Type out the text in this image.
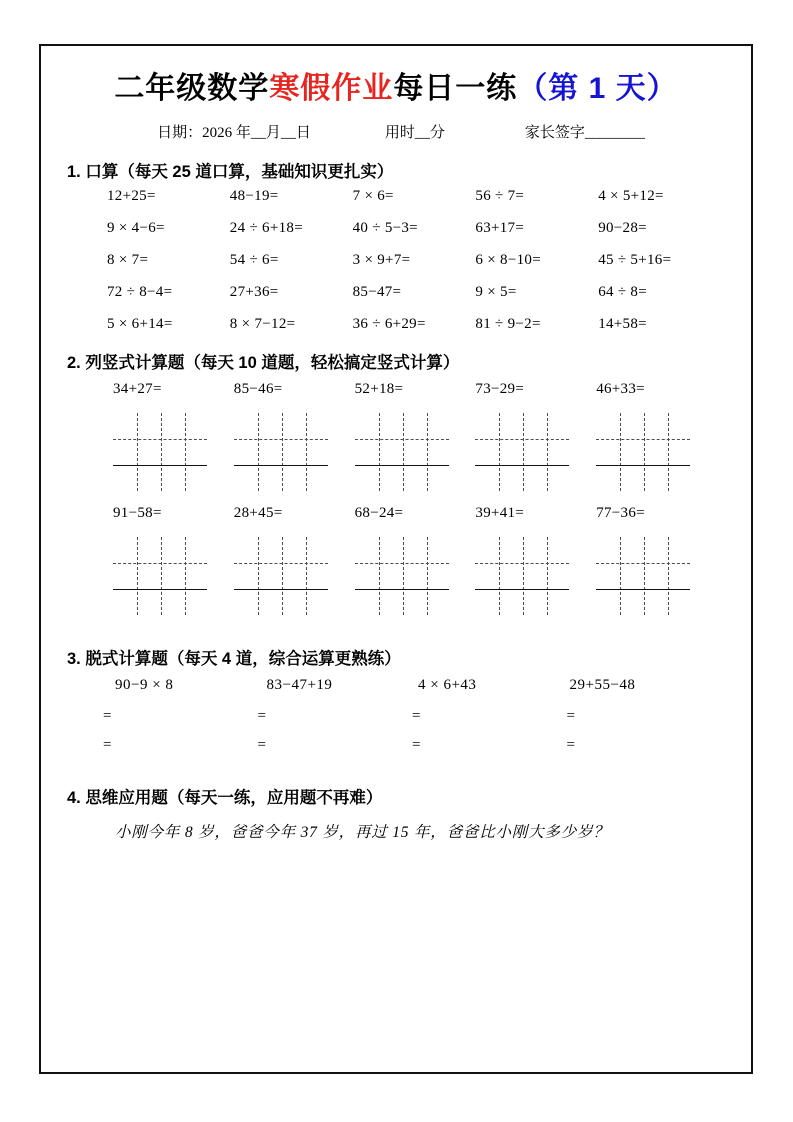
二年级数学寒假作业每日一练（第 1 天）
日期：2026 年__月__日	用时__分	家长签字________
1. 口算（每天 25 道口算，基础知识更扎实）
12+25=	48−19=	7 × 6=	56 ÷ 7=	4 × 5+12=
9 × 4−6=	24 ÷ 6+18=	40 ÷ 5−3=	63+17=	90−28=
8 × 7=	54 ÷ 6=	3 × 9+7=	6 × 8−10=	45 ÷ 5+16=
72 ÷ 8−4=	27+36=	85−47=	9 × 5=	64 ÷ 8=
5 × 6+14=	8 × 7−12=	36 ÷ 6+29=	81 ÷ 9−2=	14+58=
2. 列竖式计算题（每天 10 道题，轻松搞定竖式计算）
34+27=	85−46=	52+18=	73−29=	46+33=
91−58=	28+45=	68−24=	39+41=	77−36=
3. 脱式计算题（每天 4 道，综合运算更熟练）
90−9 × 8	83−47+19	4 × 6+43	29+55−48
=	=	=	=
=	=	=	=
4. 思维应用题（每天一练，应用题不再难）
小刚今年 8 岁，爸爸今年 37 岁，再过 15 年，爸爸比小刚大多少岁？
